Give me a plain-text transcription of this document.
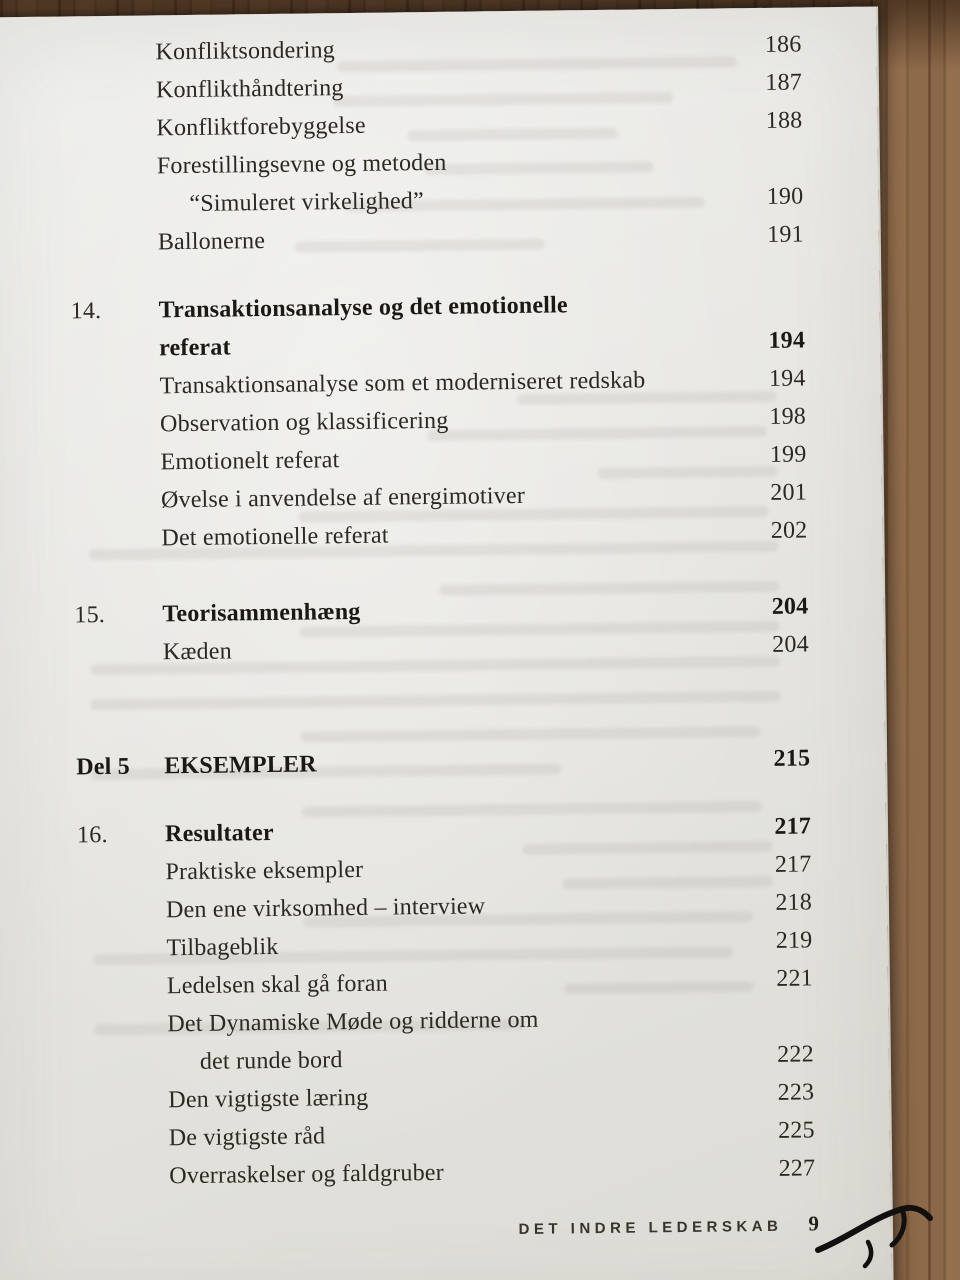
Konfliktsondering	186
Konflikthåndtering	187
Konfliktforebyggelse	188
Forestillingsevne og metoden
“Simuleret virkelighed”	190
Ballonerne	191
14.	Transaktionsanalyse og det emotionelle
referat	194
Transaktionsanalyse som et moderniseret redskab	194
Observation og klassificering	198
Emotionelt referat	199
Øvelse i anvendelse af energimotiver	201
Det emotionelle referat	202
15.	Teorisammenhæng	204
Kæden	204
Del 5	EKSEMPLER	215
16.	Resultater	217
Praktiske eksempler	217
Den ene virksomhed – interview	218
Tilbageblik	219
Ledelsen skal gå foran	221
Det Dynamiske Møde og ridderne om
det runde bord	222
Den vigtigste læring	223
De vigtigste råd	225
Overraskelser og faldgruber	227
DET INDRE LEDERSKAB 9
